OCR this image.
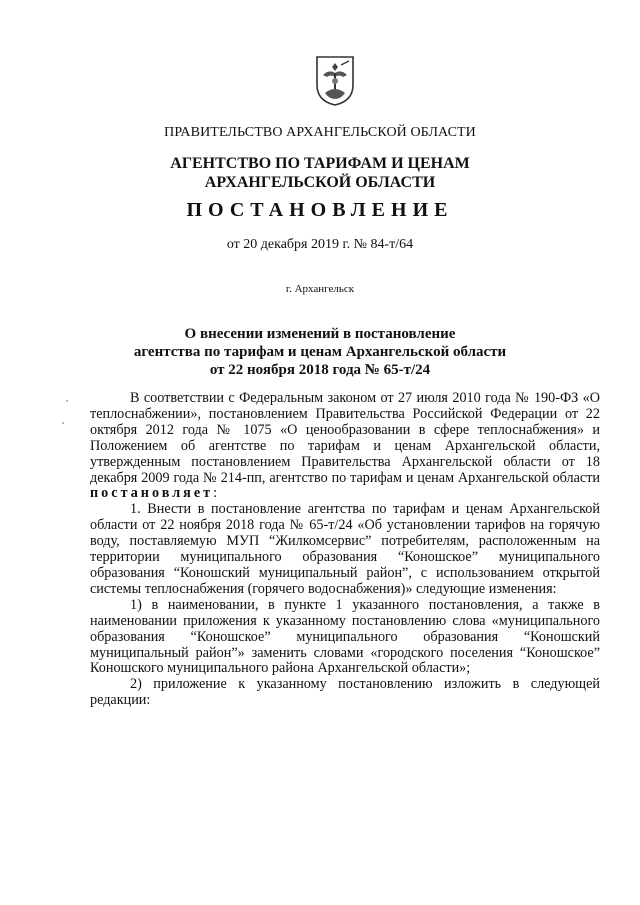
ПРАВИТЕЛЬСТВО АРХАНГЕЛЬСКОЙ ОБЛАСТИ
АГЕНТСТВО ПО ТАРИФАМ И ЦЕНАМ
АРХАНГЕЛЬСКОЙ ОБЛАСТИ
ПОСТАНОВЛЕНИЕ
от 20 декабря 2019 г. № 84-т/64
г. Архангельск
О внесении изменений в постановление
агентства по тарифам и ценам Архангельской области
от 22 ноября 2018 года № 65-т/24

В соответствии с Федеральным законом от 27 июля 2010 года № 190-ФЗ «О теплоснабжении», постановлением Правительства Российской Федерации от 22 октября 2012 года № 1075 «О ценообразовании в сфере теплоснабжения» и Положением об агентстве по тарифам и ценам Архангельской области, утвержденным постановлением Правительства Архангельской области от 18 декабря 2009 года № 214-пп, агентство по тарифам и ценам Архангельской области постановляет:

1. Внести в постановление агентства по тарифам и ценам Архангельской области от 22 ноября 2018 года № 65-т/24 «Об установлении тарифов на горячую воду, поставляемую МУП “Жилкомсервис” потребителям, расположенным на территории муниципального образования “Коношское” муниципального образования “Коношский муниципальный район”, с использованием открытой системы теплоснабжения (горячего водоснабжения)» следующие изменения:

1) в наименовании, в пункте 1 указанного постановления, а также в наименовании приложения к указанному постановлению слова «муниципального образования “Коношское” муниципального образования “Коношский муниципальный район”» заменить словами «городского поселения “Коношское” Коношского муниципального района Архангельской области»;

2) приложение к указанному постановлению изложить в следующей редакции:
